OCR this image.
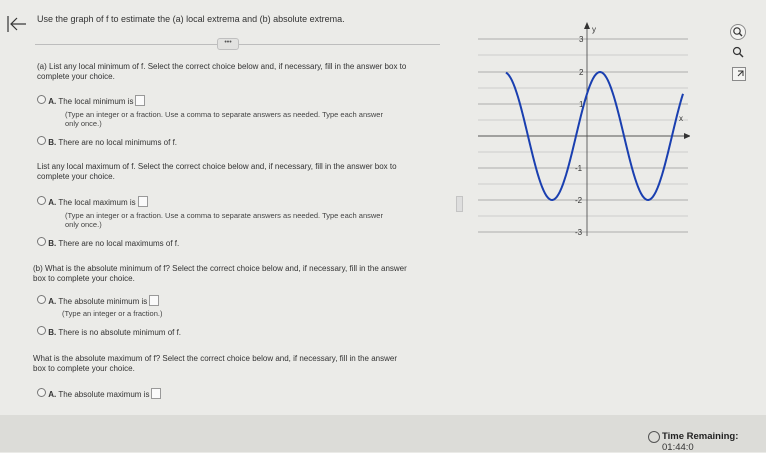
Use the graph of f to estimate the (a) local extrema and (b) absolute extrema.
•••
(a) List any local minimum of f. Select the correct choice below and, if necessary, fill in the answer box to
complete your choice.
A. The local minimum is
(Type an integer or a fraction. Use a comma to separate answers as needed. Type each answer
only once.)
B. There are no local minimums of f.
List any local maximum of f. Select the correct choice below and, if necessary, fill in the answer box to
complete your choice.
A. The local maximum is
(Type an integer or a fraction. Use a comma to separate answers as needed. Type each answer
only once.)
B. There are no local maximums of f.
(b) What is the absolute minimum of f? Select the correct choice below and, if necessary, fill in the answer
box to complete your choice.
A. The absolute minimum is
(Type an integer or a fraction.)
B. There is no absolute minimum of f.
What is the absolute maximum of f? Select the correct choice below and, if necessary, fill in the answer
box to complete your choice.
A. The absolute maximum is
y
x
3
2
1
-1
-2
-3
Time Remaining: 01:44:0
